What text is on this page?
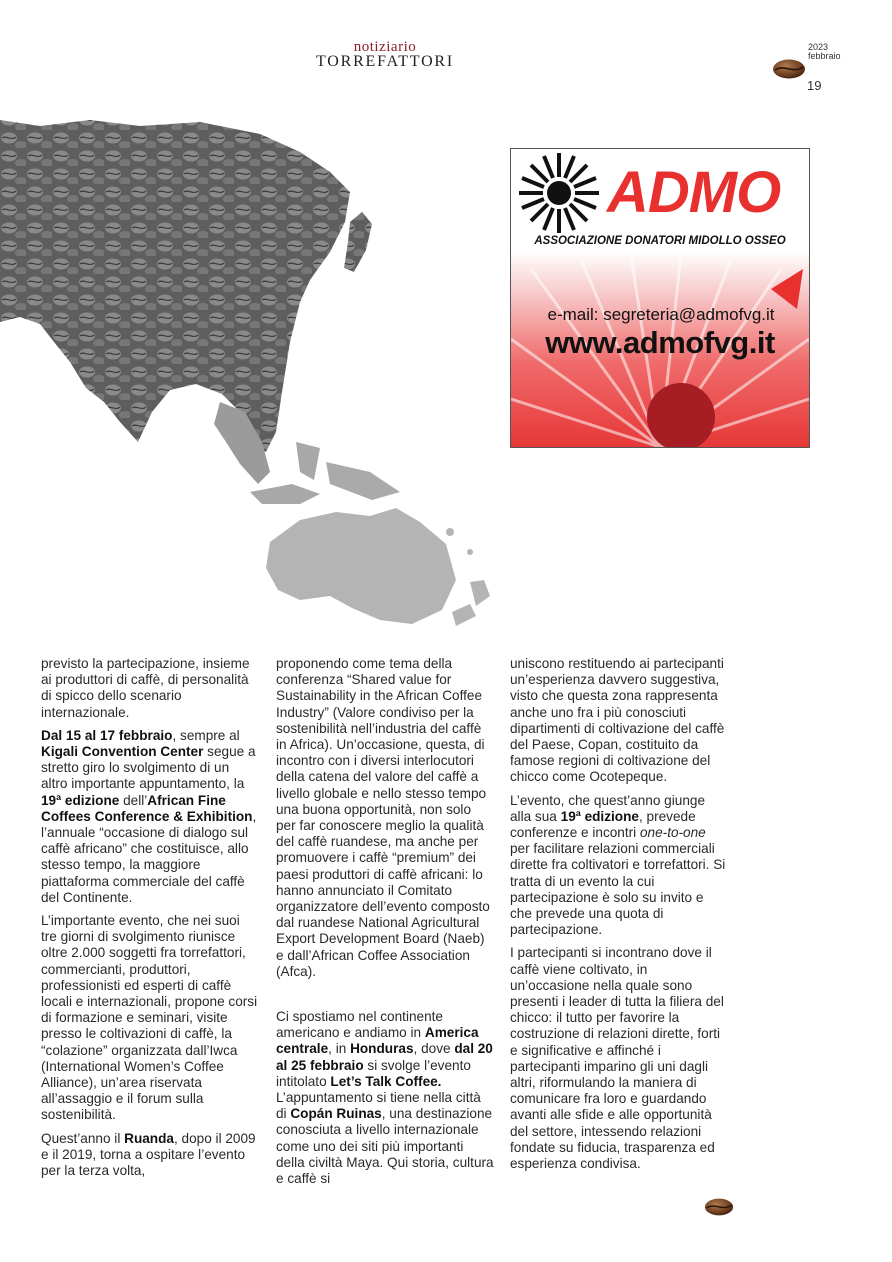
notiziario
TORREFATTORI
2023
febbraio
19
ADMO
ASSOCIAZIONE DONATORI MIDOLLO OSSEO
e-mail: segreteria@admofvg.it
www.admofvg.it

previsto la partecipazione, insieme ai produttori di caffè, di personalità di spicco dello scenario internazionale.

Dal 15 al 17 febbraio, sempre al Kigali Convention Center segue a stretto giro lo svolgimento di un altro importante appuntamento, la 19ª edizione dell’African Fine Coffees Conference & Exhibition, l’annuale “occasione di dialogo sul caffè africano” che costituisce, allo stesso tempo, la maggiore piattaforma commerciale del caffè del Continente.

L’importante evento, che nei suoi tre giorni di svolgimento riunisce oltre 2.000 soggetti fra torrefattori, commercianti, produttori, professionisti ed esperti di caffè locali e internazionali, propone corsi di formazione e seminari, visite presso le coltivazioni di caffè, la “colazione” organizzata dall’Iwca (International Women’s Coffee Alliance), un’area riservata all’assaggio e il forum sulla sostenibilità.

Quest’anno il Ruanda, dopo il 2009 e il 2019, torna a ospitare l’evento per la terza volta,

proponendo come tema della conferenza “Shared value for Sustainability in the African Coffee Industry” (Valore condiviso per la sostenibilità nell’industria del caffè in Africa). Un’occasione, questa, di incontro con i diversi interlocutori della catena del valore del caffè a livello globale e nello stesso tempo una buona opportunità, non solo per far conoscere meglio la qualità del caffè ruandese, ma anche per promuovere i caffè “premium” dei paesi produttori di caffè africani: lo hanno annunciato il Comitato organizzatore dell’evento composto dal ruandese National Agricultural Export Development Board (Naeb) e dall’African Coffee Association (Afca).

Ci spostiamo nel continente americano e andiamo in America centrale, in Honduras, dove dal 20 al 25 febbraio si svolge l’evento intitolato Let’s Talk Coffee. L’appuntamento si tiene nella città di Copán Ruinas, una destinazione conosciuta a livello internazionale come uno dei siti più importanti della civiltà Maya. Qui storia, cultura e caffè si

uniscono restituendo ai partecipanti un’esperienza davvero suggestiva, visto che questa zona rappresenta anche uno fra i più conosciuti dipartimenti di coltivazione del caffè del Paese, Copan, costituito da famose regioni di coltivazione del chicco come Ocotepeque.

L’evento, che quest’anno giunge alla sua 19ª edizione, prevede conferenze e incontri one-to-one per facilitare relazioni commerciali dirette fra coltivatori e torrefattori. Si tratta di un evento la cui partecipazione è solo su invito e che prevede una quota di partecipazione.

I partecipanti si incontrano dove il caffè viene coltivato, in un’occasione nella quale sono presenti i leader di tutta la filiera del chicco: il tutto per favorire la costruzione di relazioni dirette, forti e significative e affinché i partecipanti imparino gli uni dagli altri, riformulando la maniera di comunicare fra loro e guardando avanti alle sfide e alle opportunità del settore, intessendo relazioni fondate su fiducia, trasparenza ed esperienza condivisa.
